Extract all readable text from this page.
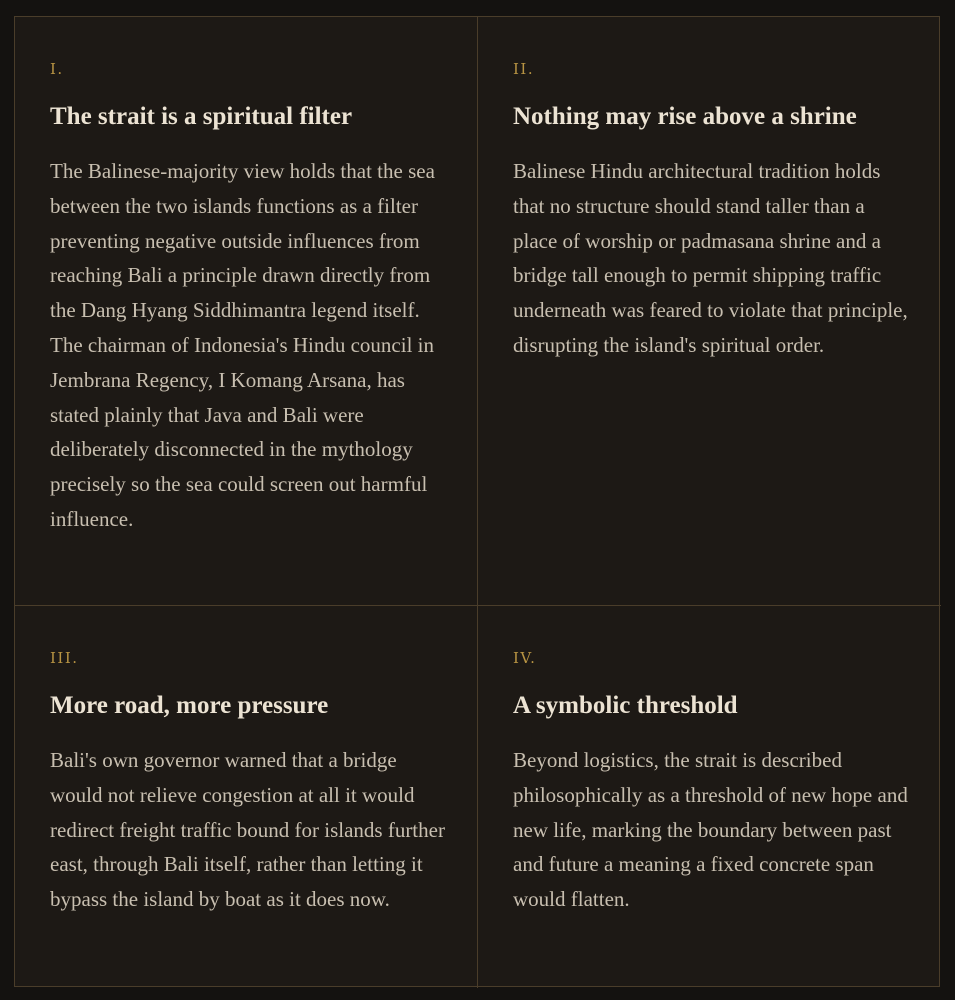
I.

The strait is a spiritual filter

The Balinese-majority view holds that the sea between the two islands functions as a filter preventing negative outside influences from reaching Bali a principle drawn directly from the Dang Hyang Siddhimantra legend itself. The chairman of Indonesia's Hindu council in Jembrana Regency, I Komang Arsana, has stated plainly that Java and Bali were deliberately disconnected in the mythology precisely so the sea could screen out harmful influence.

II.

Nothing may rise above a shrine

Balinese Hindu architectural tradition holds that no structure should stand taller than a place of worship or padmasana shrine and a bridge tall enough to permit shipping traffic underneath was feared to violate that principle, disrupting the island's spiritual order.

III.

More road, more pressure

Bali's own governor warned that a bridge would not relieve congestion at all it would redirect freight traffic bound for islands further east, through Bali itself, rather than letting it bypass the island by boat as it does now.

IV.

A symbolic threshold

Beyond logistics, the strait is described philosophically as a threshold of new hope and new life, marking the boundary between past and future a meaning a fixed concrete span would flatten.
